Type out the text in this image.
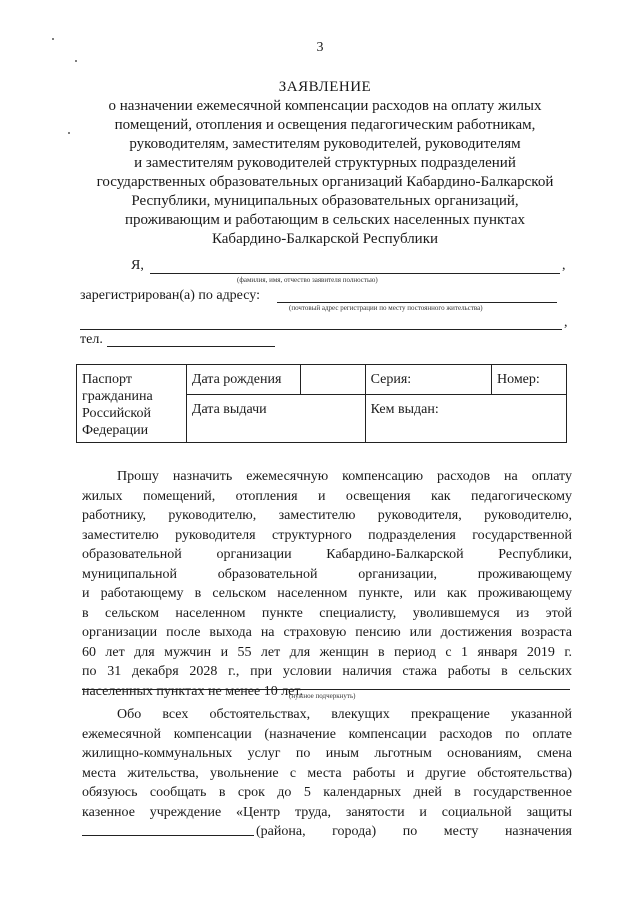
3
ЗАЯВЛЕНИЕ
о назначении ежемесячной компенсации расходов на оплату жилых
помещений, отопления и освещения педагогическим работникам,
руководителям, заместителям руководителей, руководителям
и заместителям руководителей структурных подразделений
государственных образовательных организаций Кабардино-Балкарской
Республики, муниципальных образовательных организаций,
проживающим и работающим в сельских населенных пунктах
Кабардино-Балкарской Республики
Я,	,
(фамилия, имя, отчество заявителя полностью)
зарегистрирован(а) по адресу:
(почтовый адрес регистрации по месту постоянного жительства)
,
тел.
Паспорт
гражданина
Российской
Федерации	Дата рождения		Серия:	Номер:
	Дата выдачи		Кем выдан:	
Прошу назначить ежемесячную компенсацию расходов на оплату
жилых помещений, отопления и освещения как педагогическому
работнику, руководителю, заместителю руководителя, руководителю,
заместителю руководителя структурного подразделения государственной
образовательной организации Кабардино-Балкарской Республики,
муниципальной образовательной организации, проживающему
и работающему в сельском населенном пункте, или как проживающему
в сельском населенном пункте специалисту, уволившемуся из этой
организации после выхода на страховую пенсию или достижения возраста
60 лет для мужчин и 55 лет для женщин в период с 1 января 2019 г.
по 31 декабря 2028 г., при условии наличия стажа работы в сельских
населенных пунктах не менее 10 лет.
(нужное подчеркнуть)
Обо всех обстоятельствах, влекущих прекращение указанной
ежемесячной компенсации (назначение компенсации расходов по оплате
жилищно-коммунальных услуг по иным льготным основаниям, смена
места жительства, увольнение с места работы и другие обстоятельства)
обязуюсь сообщать в срок до 5 календарных дней в государственное
казенное учреждение «Центр труда, занятости и социальной защиты
(района, города) по месту назначения
